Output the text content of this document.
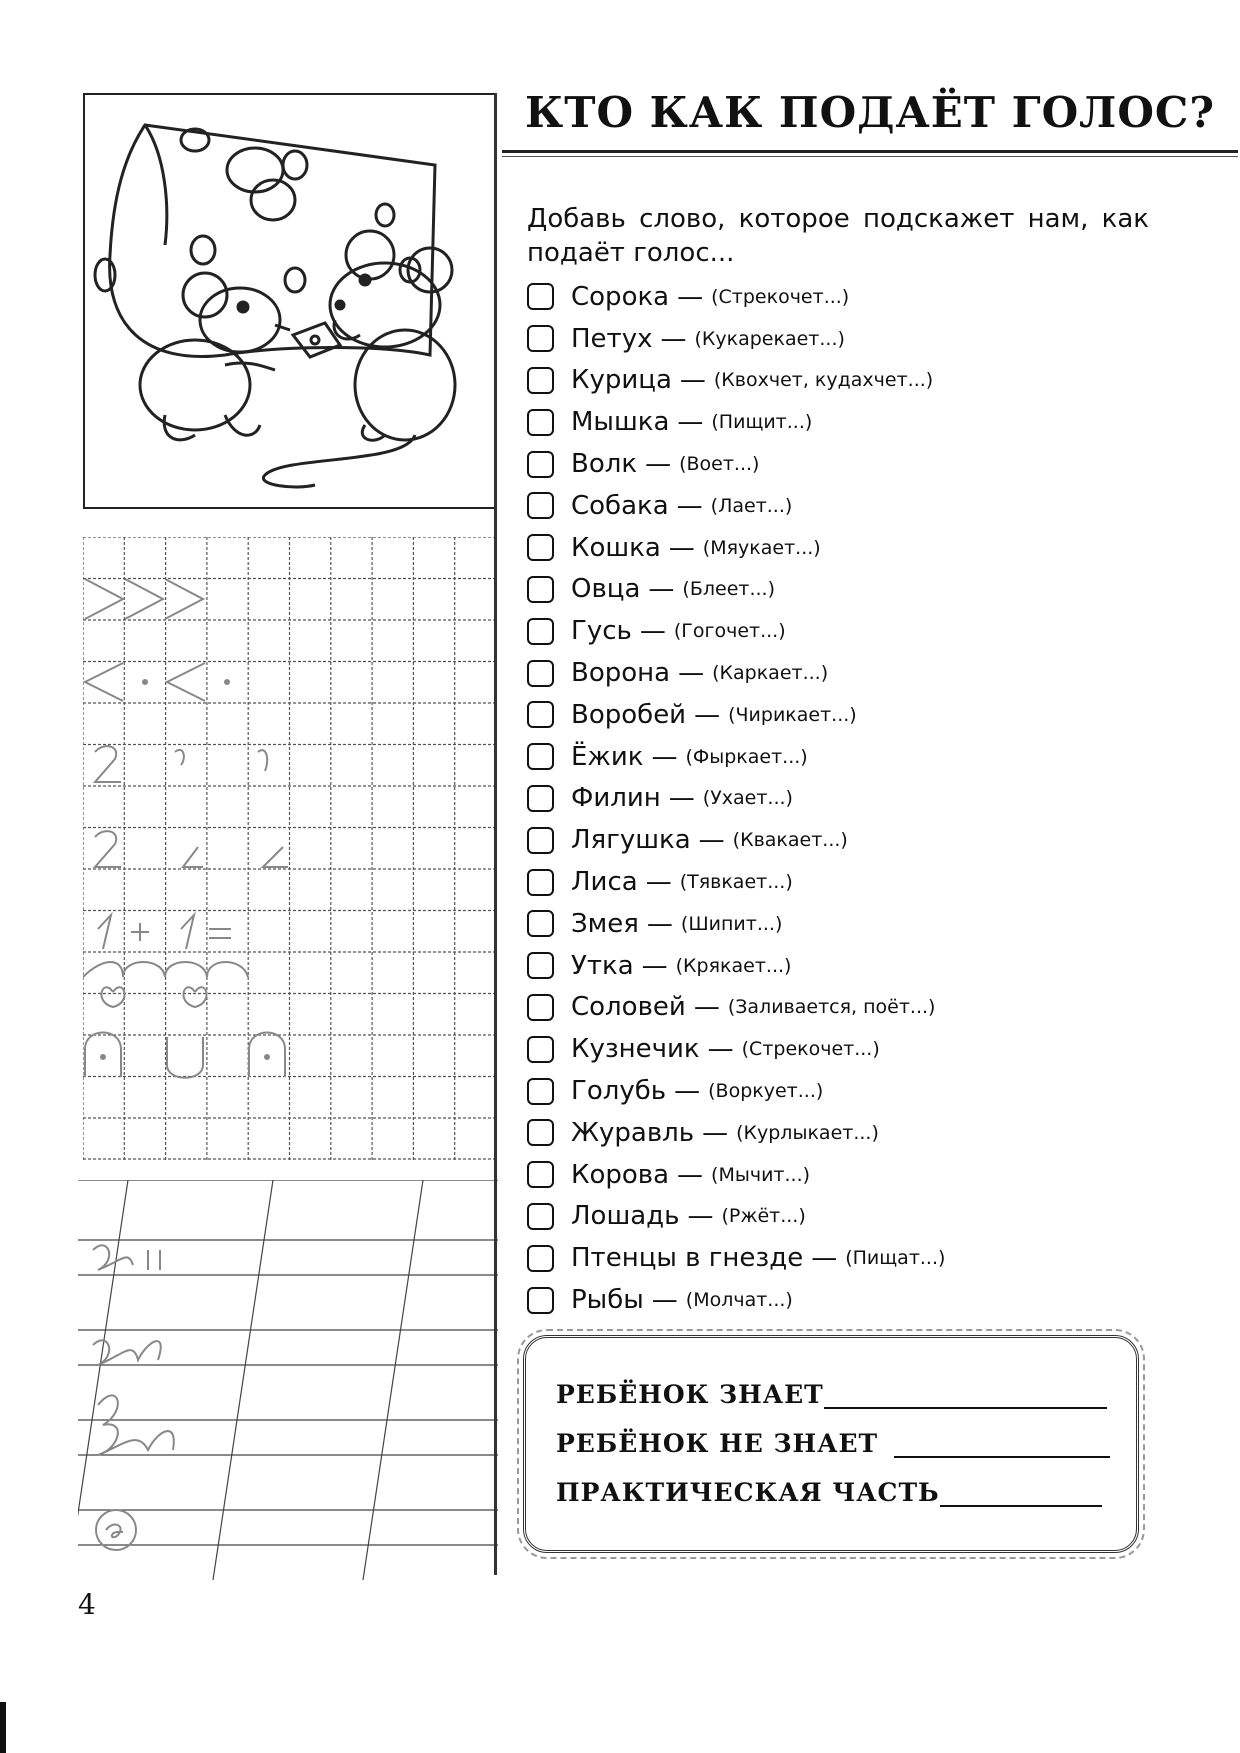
КТО КАК ПОДАЁТ ГОЛОС?
Добавь слово, которое подскажет нам, как подаёт голос...
Сорока — (Стрекочет...)
Петух — (Кукарекает...)
Курица — (Квохчет, кудахчет...)
Мышка — (Пищит...)
Волк — (Воет...)
Собака — (Лает...)
Кошка — (Мяукает...)
Овца — (Блеет...)
Гусь — (Гогочет...)
Ворона — (Каркает...)
Воробей — (Чирикает...)
Ёжик — (Фыркает...)
Филин — (Ухает...)
Лягушка — (Квакает...)
Лиса — (Тявкает...)
Змея — (Шипит...)
Утка — (Крякает...)
Соловей — (Заливается, поёт...)
Кузнечик — (Стрекочет...)
Голубь — (Воркует...)
Журавль — (Курлыкает...)
Корова — (Мычит...)
Лошадь — (Ржёт...)
Птенцы в гнезде — (Пищат...)
Рыбы — (Молчат...)
РЕБЁНОК ЗНАЕТ
РЕБЁНОК НЕ ЗНАЕТ
ПРАКТИЧЕСКАЯ ЧАСТЬ
4
